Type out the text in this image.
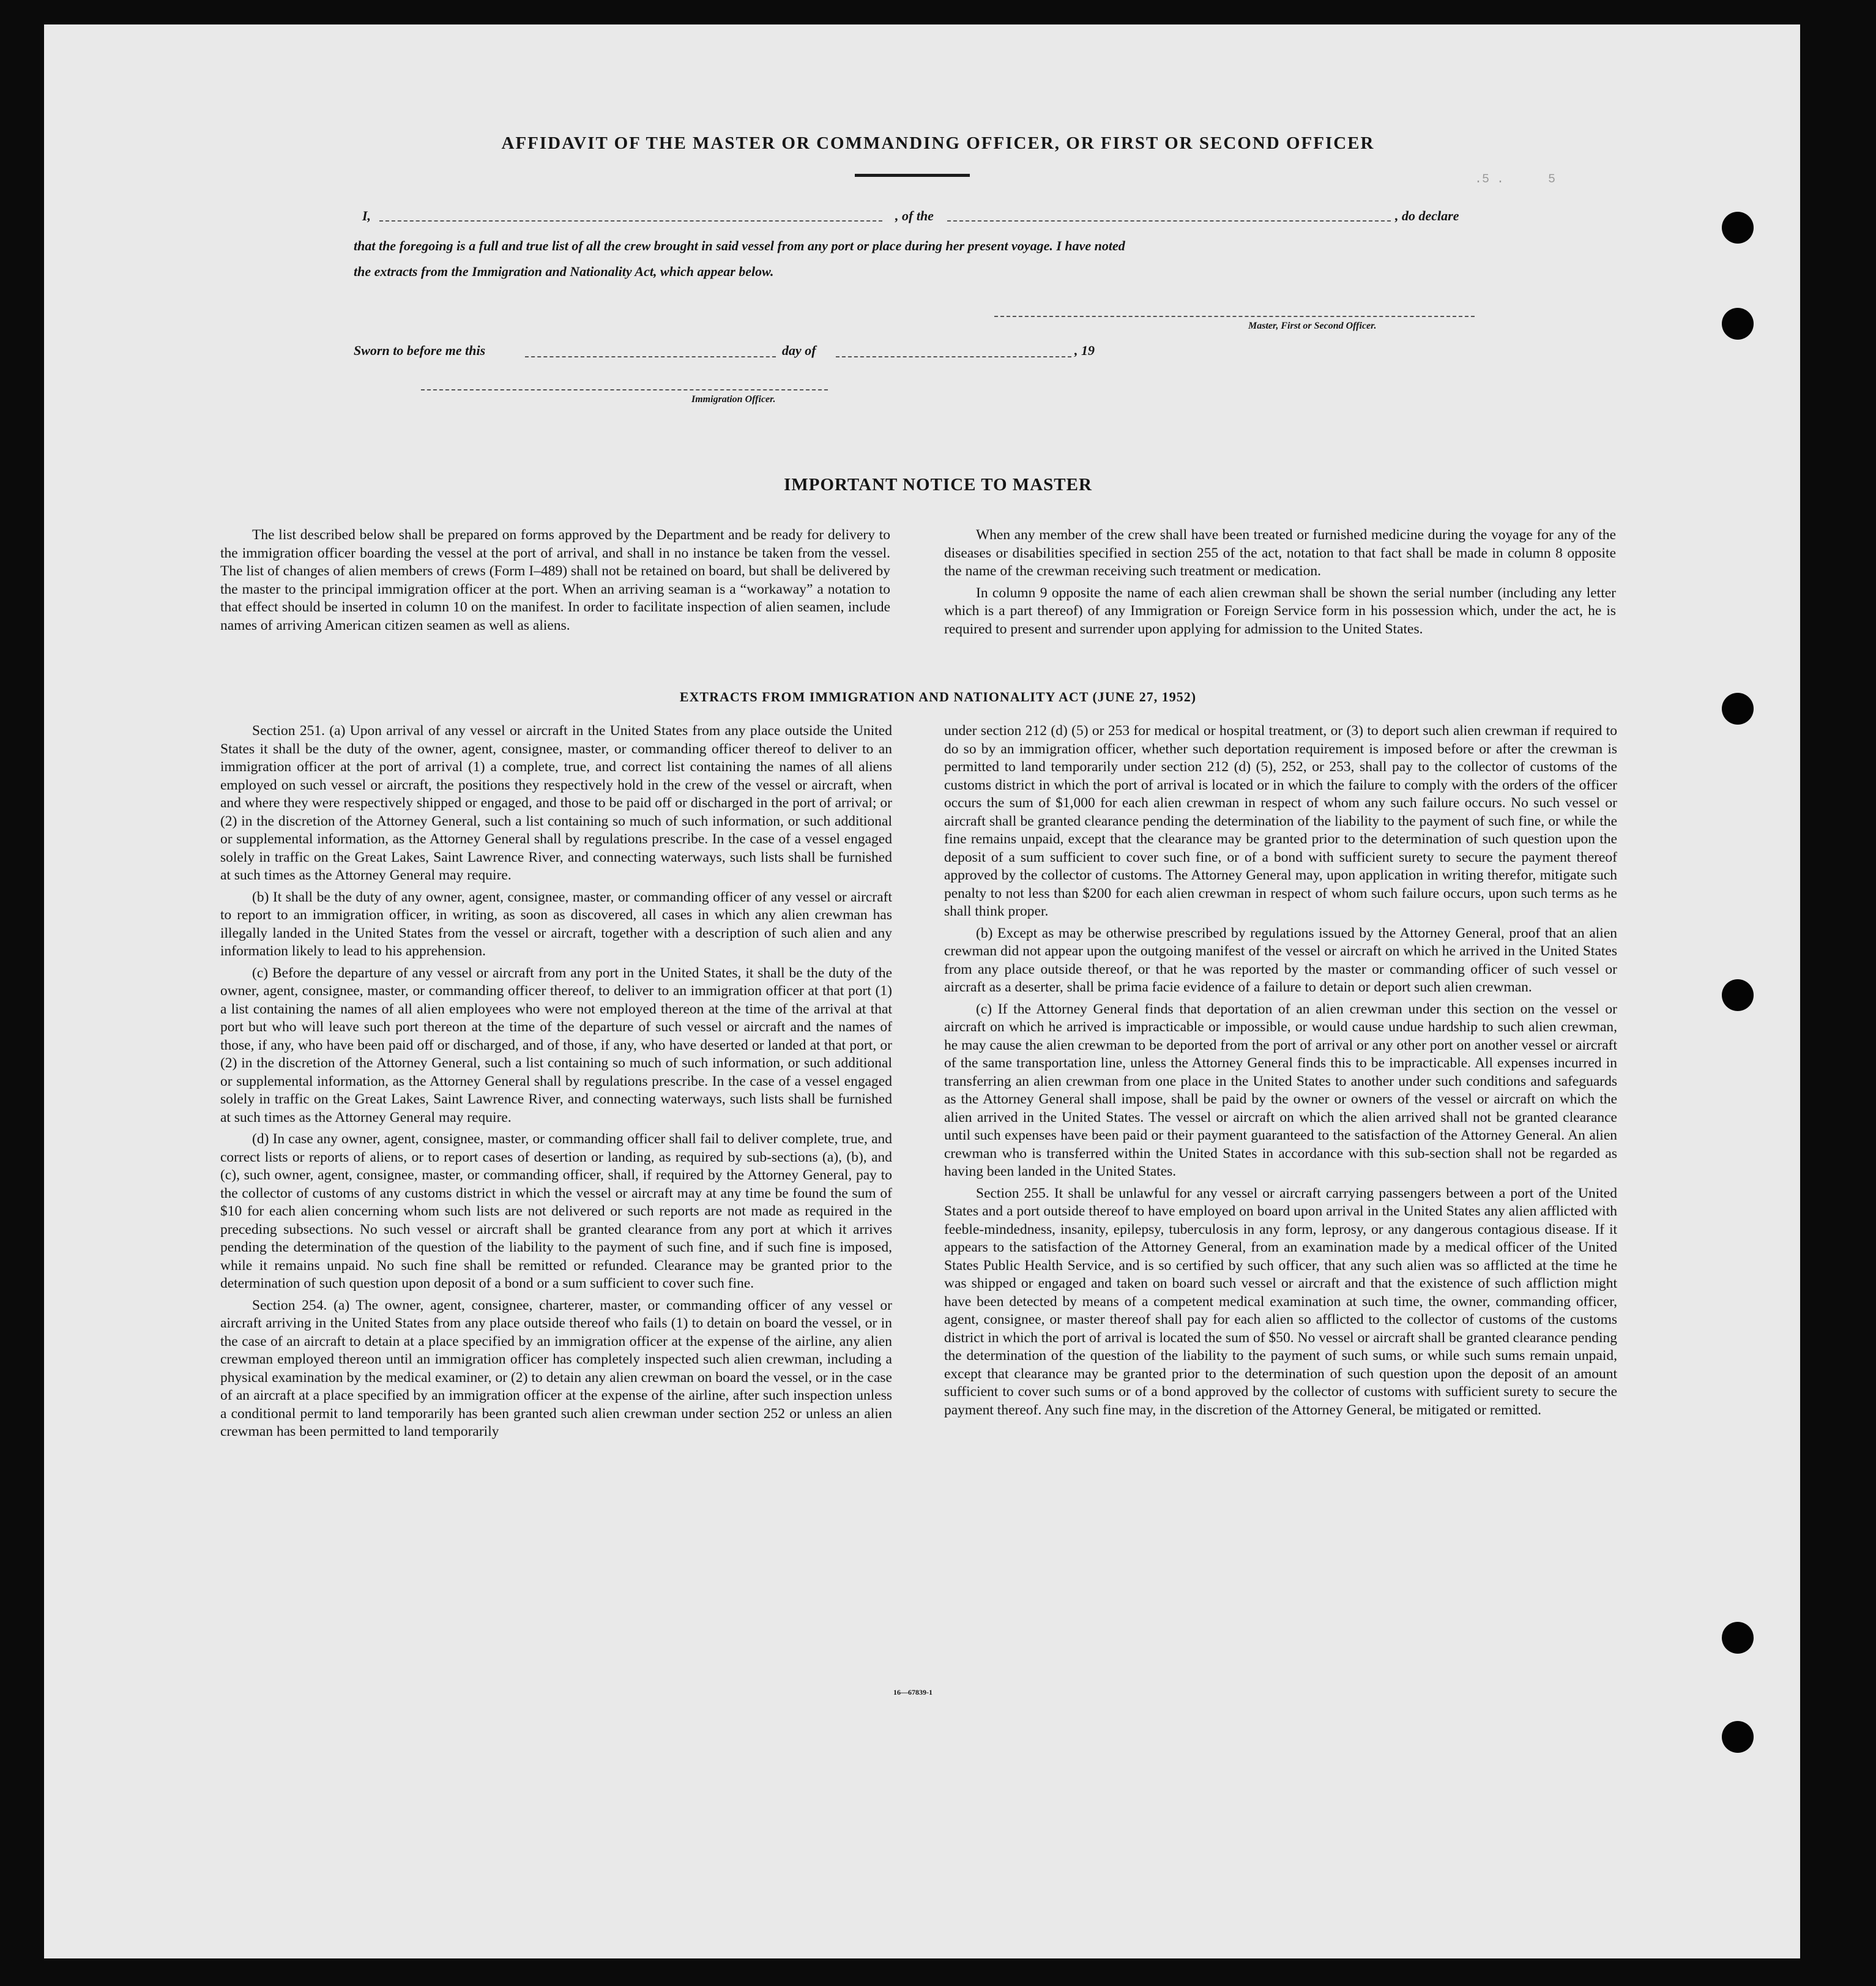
5
.5 .
AFFIDAVIT OF THE MASTER OR COMMANDING OFFICER, OR FIRST OR SECOND OFFICER
I,	, of the	, do declare
that the foregoing is a full and true list of all the crew brought in said vessel from any port or place during her present voyage. I have noted
the extracts from the Immigration and Nationality Act, which appear below.
Master, First or Second Officer.
Sworn to before me this	day of	, 19
Immigration Officer.
IMPORTANT NOTICE TO MASTER

The list described below shall be prepared on forms approved by the Department and be ready for delivery to the immigration officer boarding the vessel at the port of arrival, and shall in no instance be taken from the vessel. The list of changes of alien members of crews (Form I–489) shall not be retained on board, but shall be delivered by the master to the principal immigration officer at the port. When an arriving seaman is a “workaway” a notation to that effect should be inserted in column 10 on the manifest. In order to facilitate inspection of alien seamen, include names of arriving American citizen seamen as well as aliens.

When any member of the crew shall have been treated or furnished medicine during the voyage for any of the diseases or disabilities specified in section 255 of the act, notation to that fact shall be made in column 8 opposite the name of the crewman receiving such treatment or medication.

In column 9 opposite the name of each alien crewman shall be shown the serial number (including any letter which is a part thereof) of any Immigration or Foreign Service form in his possession which, under the act, he is required to present and surrender upon applying for admission to the United States.

EXTRACTS FROM IMMIGRATION AND NATIONALITY ACT (JUNE 27, 1952)

Section 251. (a) Upon arrival of any vessel or aircraft in the United States from any place outside the United States it shall be the duty of the owner, agent, consignee, master, or commanding officer thereof to deliver to an immigration officer at the port of arrival (1) a complete, true, and correct list containing the names of all aliens employed on such vessel or aircraft, the positions they respectively hold in the crew of the vessel or aircraft, when and where they were respectively shipped or engaged, and those to be paid off or discharged in the port of arrival; or (2) in the discretion of the Attorney General, such a list containing so much of such information, or such additional or supplemental information, as the Attorney General shall by regulations prescribe. In the case of a vessel engaged solely in traffic on the Great Lakes, Saint Lawrence River, and connecting waterways, such lists shall be furnished at such times as the Attorney General may require.

(b) It shall be the duty of any owner, agent, consignee, master, or commanding officer of any vessel or aircraft to report to an immigration officer, in writing, as soon as discovered, all cases in which any alien crewman has illegally landed in the United States from the vessel or aircraft, together with a description of such alien and any information likely to lead to his apprehension.

(c) Before the departure of any vessel or aircraft from any port in the United States, it shall be the duty of the owner, agent, consignee, master, or commanding officer thereof, to deliver to an immigration officer at that port (1) a list containing the names of all alien employees who were not employed thereon at the time of the arrival at that port but who will leave such port thereon at the time of the departure of such vessel or aircraft and the names of those, if any, who have been paid off or discharged, and of those, if any, who have deserted or landed at that port, or (2) in the discretion of the Attorney General, such a list containing so much of such information, or such additional or supplemental information, as the Attorney General shall by regulations prescribe. In the case of a vessel engaged solely in traffic on the Great Lakes, Saint Lawrence River, and connecting waterways, such lists shall be furnished at such times as the Attorney General may require.

(d) In case any owner, agent, consignee, master, or commanding officer shall fail to deliver complete, true, and correct lists or reports of aliens, or to report cases of desertion or landing, as required by sub-sections (a), (b), and (c), such owner, agent, consignee, master, or commanding officer, shall, if required by the Attorney General, pay to the collector of customs of any customs district in which the vessel or aircraft may at any time be found the sum of $10 for each alien concerning whom such lists are not delivered or such reports are not made as required in the preceding subsections. No such vessel or aircraft shall be granted clearance from any port at which it arrives pending the determination of the question of the liability to the payment of such fine, and if such fine is imposed, while it remains unpaid. No such fine shall be remitted or refunded. Clearance may be granted prior to the determination of such question upon deposit of a bond or a sum sufficient to cover such fine.

Section 254. (a) The owner, agent, consignee, charterer, master, or commanding officer of any vessel or aircraft arriving in the United States from any place outside thereof who fails (1) to detain on board the vessel, or in the case of an aircraft to detain at a place specified by an immigration officer at the expense of the airline, any alien crewman employed thereon until an immigration officer has completely inspected such alien crewman, including a physical examination by the medical examiner, or (2) to detain any alien crewman on board the vessel, or in the case of an aircraft at a place specified by an immigration officer at the expense of the airline, after such inspection unless a conditional permit to land temporarily has been granted such alien crewman under section 252 or unless an alien crewman has been permitted to land temporarily

under section 212 (d) (5) or 253 for medical or hospital treatment, or (3) to deport such alien crewman if required to do so by an immigration officer, whether such deportation requirement is imposed before or after the crewman is permitted to land temporarily under section 212 (d) (5), 252, or 253, shall pay to the collector of customs of the customs district in which the port of arrival is located or in which the failure to comply with the orders of the officer occurs the sum of $1,000 for each alien crewman in respect of whom any such failure occurs. No such vessel or aircraft shall be granted clearance pending the determination of the liability to the payment of such fine, or while the fine remains unpaid, except that the clearance may be granted prior to the determination of such question upon the deposit of a sum sufficient to cover such fine, or of a bond with sufficient surety to secure the payment thereof approved by the collector of customs. The Attorney General may, upon application in writing therefor, mitigate such penalty to not less than $200 for each alien crewman in respect of whom such failure occurs, upon such terms as he shall think proper.

(b) Except as may be otherwise prescribed by regulations issued by the Attorney General, proof that an alien crewman did not appear upon the outgoing manifest of the vessel or aircraft on which he arrived in the United States from any place outside thereof, or that he was reported by the master or commanding officer of such vessel or aircraft as a deserter, shall be prima facie evidence of a failure to detain or deport such alien crewman.

(c) If the Attorney General finds that deportation of an alien crewman under this section on the vessel or aircraft on which he arrived is impracticable or impossible, or would cause undue hardship to such alien crewman, he may cause the alien crewman to be deported from the port of arrival or any other port on another vessel or aircraft of the same transportation line, unless the Attorney General finds this to be impracticable. All expenses incurred in transferring an alien crewman from one place in the United States to another under such conditions and safeguards as the Attorney General shall impose, shall be paid by the owner or owners of the vessel or aircraft on which the alien arrived in the United States. The vessel or aircraft on which the alien arrived shall not be granted clearance until such expenses have been paid or their payment guaranteed to the satisfaction of the Attorney General. An alien crewman who is transferred within the United States in accordance with this sub-section shall not be regarded as having been landed in the United States.

Section 255. It shall be unlawful for any vessel or aircraft carrying passengers between a port of the United States and a port outside thereof to have employed on board upon arrival in the United States any alien afflicted with feeble-mindedness, insanity, epilepsy, tuberculosis in any form, leprosy, or any dangerous contagious disease. If it appears to the satisfaction of the Attorney General, from an examination made by a medical officer of the United States Public Health Service, and is so certified by such officer, that any such alien was so afflicted at the time he was shipped or engaged and taken on board such vessel or aircraft and that the existence of such affliction might have been detected by means of a competent medical examination at such time, the owner, commanding officer, agent, consignee, or master thereof shall pay for each alien so afflicted to the collector of customs of the customs district in which the port of arrival is located the sum of $50. No vessel or aircraft shall be granted clearance pending the determination of the question of the liability to the payment of such sums, or while such sums remain unpaid, except that clearance may be granted prior to the determination of such question upon the deposit of an amount sufficient to cover such sums or of a bond approved by the collector of customs with sufficient surety to secure the payment thereof. Any such fine may, in the discretion of the Attorney General, be mitigated or remitted.

16—67839-1
